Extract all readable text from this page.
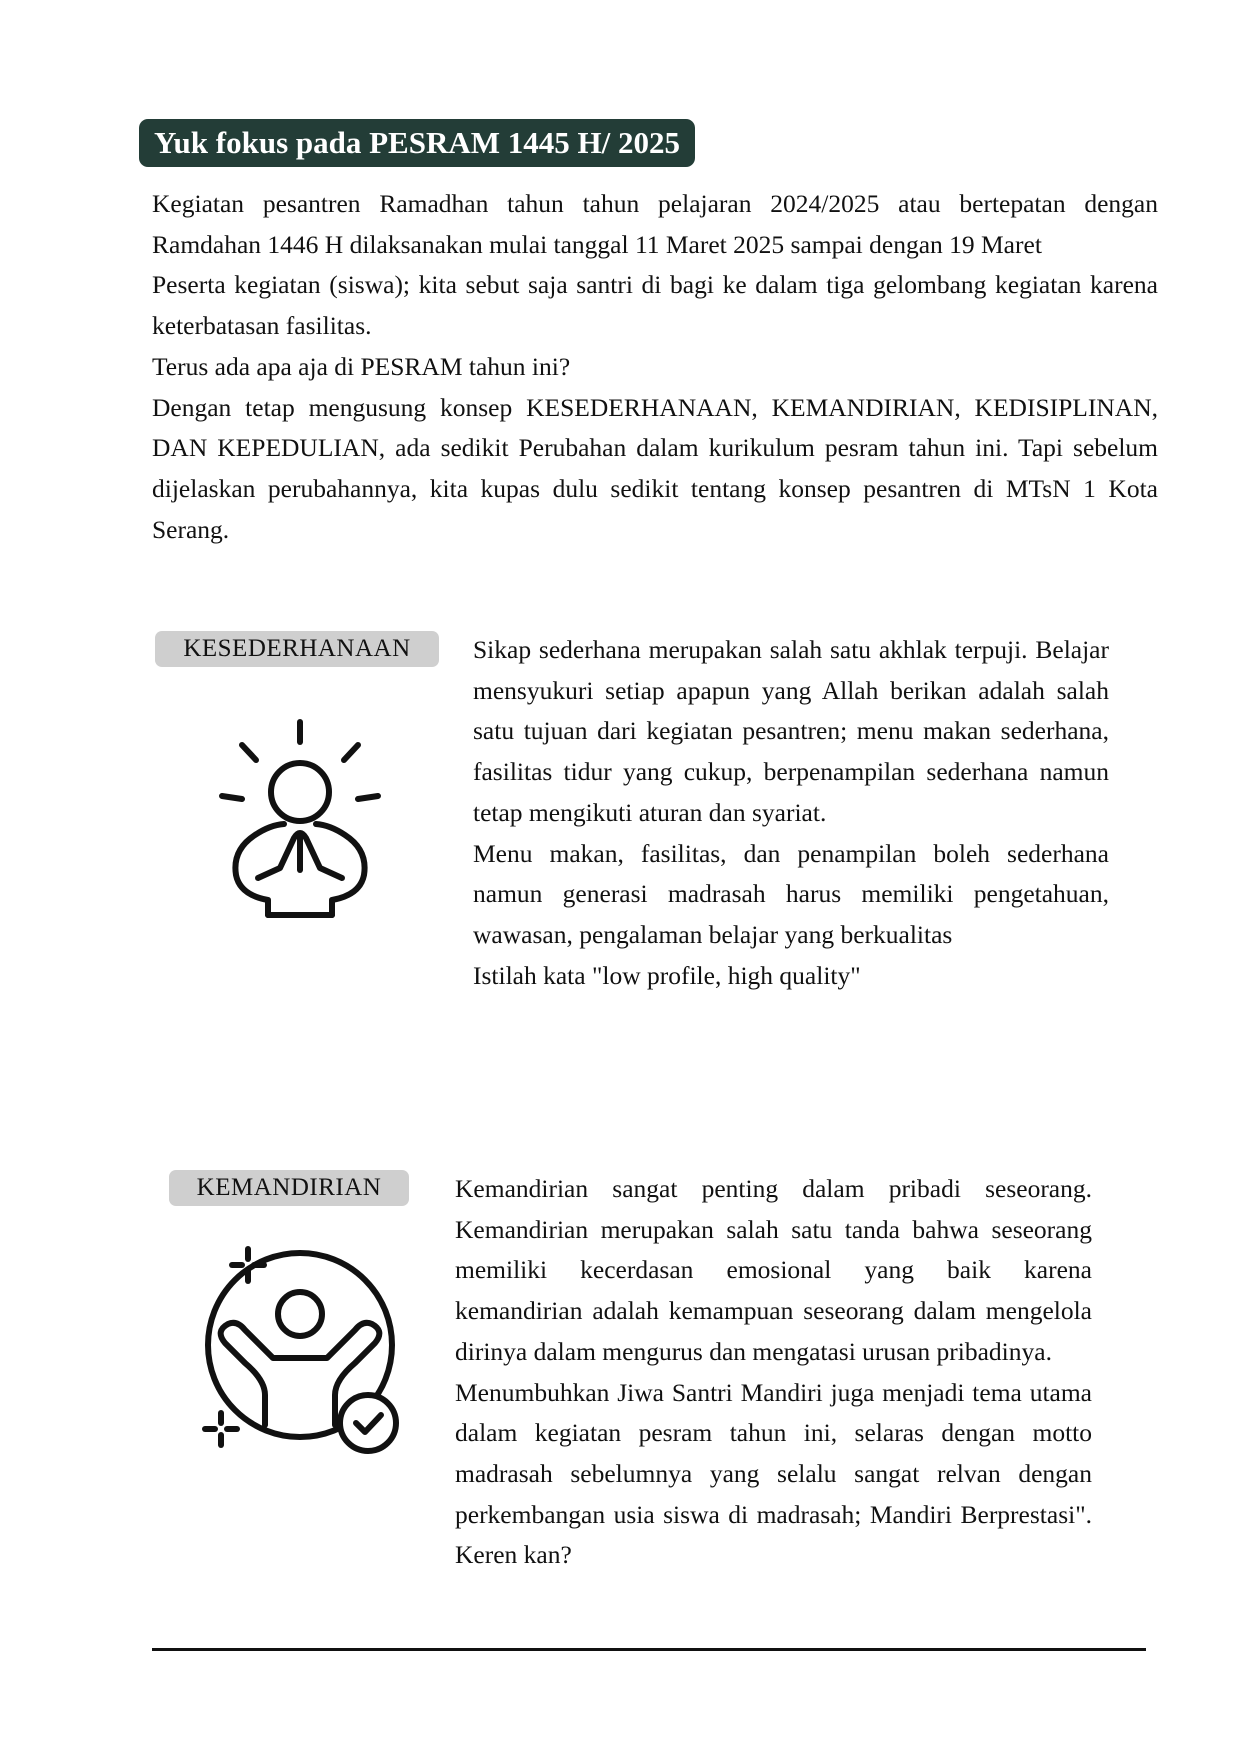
Yuk fokus pada PESRAM 1445 H/ 2025

Kegiatan pesantren Ramadhan tahun tahun pelajaran 2024/2025 atau bertepatan dengan Ramdahan 1446 H dilaksanakan mulai tanggal 11 Maret 2025 sampai dengan 19 Maret

Peserta kegiatan (siswa); kita sebut saja santri di bagi ke dalam tiga gelombang kegiatan karena keterbatasan fasilitas.

Terus ada apa aja di PESRAM tahun ini?

Dengan tetap mengusung konsep KESEDERHANAAN, KEMANDIRIAN, KEDISIPLINAN, DAN KEPEDULIAN, ada sedikit Perubahan dalam kurikulum pesram tahun ini. Tapi sebelum dijelaskan perubahannya, kita kupas dulu sedikit tentang konsep pesantren di MTsN 1 Kota Serang.

KESEDERHANAAN	Sikap sederhana merupakan salah satu akhlak terpuji. Belajar mensyukuri setiap apapun yang Allah berikan adalah salah satu tujuan dari kegiatan pesantren; menu makan sederhana, fasilitas tidur yang cukup, berpenampilan sederhana namun tetap mengikuti aturan dan syariat.

Menu makan, fasilitas, dan penampilan boleh sederhana namun generasi madrasah harus memiliki pengetahuan, wawasan, pengalaman belajar yang berkualitas

Istilah kata "low profile, high quality"

KEMANDIRIAN	Kemandirian sangat penting dalam pribadi seseorang. Kemandirian merupakan salah satu tanda bahwa seseorang memiliki kecerdasan emosional yang baik karena kemandirian adalah kemampuan seseorang dalam mengelola dirinya dalam mengurus dan mengatasi urusan pribadinya.

Menumbuhkan Jiwa Santri Mandiri juga menjadi tema utama dalam kegiatan pesram tahun ini, selaras dengan motto madrasah sebelumnya yang selalu sangat relvan dengan perkembangan usia siswa di madrasah; Mandiri Berprestasi". Keren kan?
